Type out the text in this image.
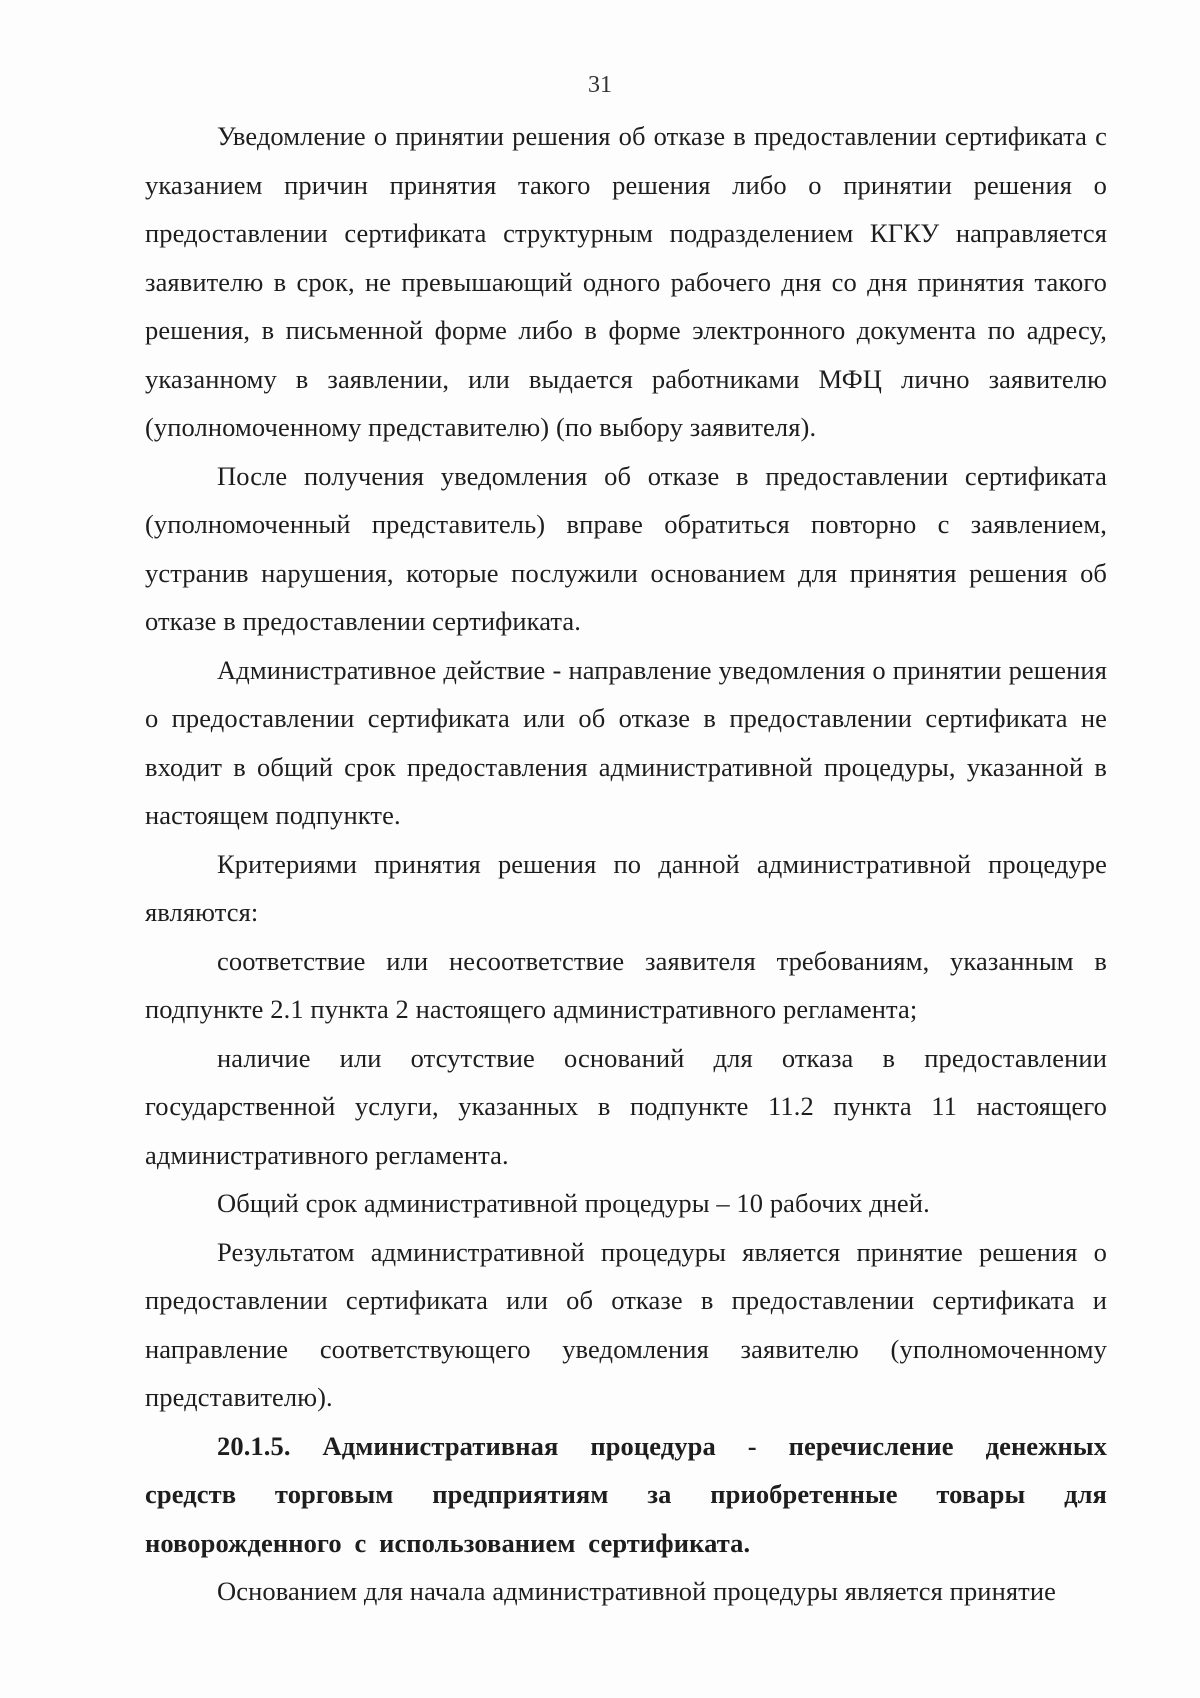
31

Уведомление о принятии решения об отказе в предоставлении сертификата с указанием причин принятия такого решения либо о принятии решения о предоставлении сертификата структурным подразделением КГКУ направляется заявителю в срок, не превышающий одного рабочего дня со дня принятия такого решения, в письменной форме либо в форме электронного документа по адресу, указанному в заявлении, или выдается работниками МФЦ лично заявителю (уполномоченному представителю) (по выбору заявителя).

После получения уведомления об отказе в предоставлении сертификата (уполномоченный представитель) вправе обратиться повторно с заявлением, устранив нарушения, которые послужили основанием для принятия решения об отказе в предоставлении сертификата.

Административное действие - направление уведомления о принятии решения о предоставлении сертификата или об отказе в предоставлении сертификата не входит в общий срок предоставления административной процедуры, указанной в настоящем подпункте.

Критериями принятия решения по данной административной процедуре являются:

соответствие или несоответствие заявителя требованиям, указанным в подпункте 2.1 пункта 2 настоящего административного регламента;

наличие или отсутствие оснований для отказа в предоставлении государственной услуги, указанных в подпункте 11.2 пункта 11 настоящего административного регламента.

Общий срок административной процедуры – 10 рабочих дней.

Результатом административной процедуры является принятие решения о предоставлении сертификата или об отказе в предоставлении сертификата и направление соответствующего уведомления заявителю (уполномоченному представителю).

20.1.5. Административная процедура - перечисление денежных средств торговым предприятиям за приобретенные товары для новорожденного с использованием сертификата.

Основанием для начала административной процедуры является принятие
